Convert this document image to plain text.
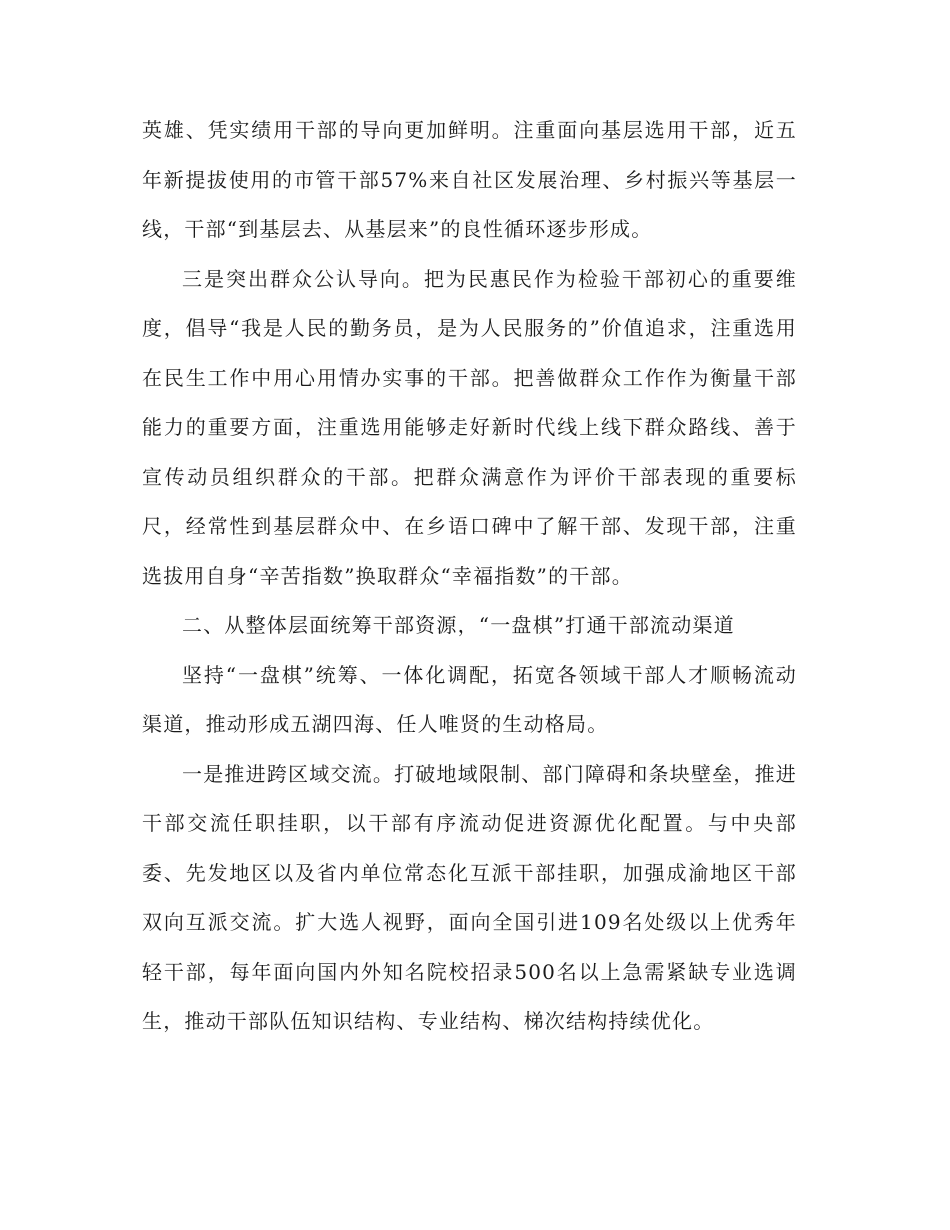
英雄、凭实绩用干部的导向更加鲜明。注重面向基层选用干部，近五年新提拔使用的市管干部57%来自社区发展治理、乡村振兴等基层一线，干部“到基层去、从基层来”的良性循环逐步形成。

三是突出群众公认导向。把为民惠民作为检验干部初心的重要维度，倡导“我是人民的勤务员，是为人民服务的”价值追求，注重选用在民生工作中用心用情办实事的干部。把善做群众工作作为衡量干部能力的重要方面，注重选用能够走好新时代线上线下群众路线、善于宣传动员组织群众的干部。把群众满意作为评价干部表现的重要标尺，经常性到基层群众中、在乡语口碑中了解干部、发现干部，注重选拔用自身“辛苦指数”换取群众“幸福指数”的干部。

二、从整体层面统筹干部资源，“一盘棋”打通干部流动渠道

坚持“一盘棋”统筹、一体化调配，拓宽各领域干部人才顺畅流动渠道，推动形成五湖四海、任人唯贤的生动格局。

一是推进跨区域交流。打破地域限制、部门障碍和条块壁垒，推进干部交流任职挂职，以干部有序流动促进资源优化配置。与中央部委、先发地区以及省内单位常态化互派干部挂职，加强成渝地区干部双向互派交流。扩大选人视野，面向全国引进109名处级以上优秀年轻干部，每年面向国内外知名院校招录500名以上急需紧缺专业选调生，推动干部队伍知识结构、专业结构、梯次结构持续优化。
